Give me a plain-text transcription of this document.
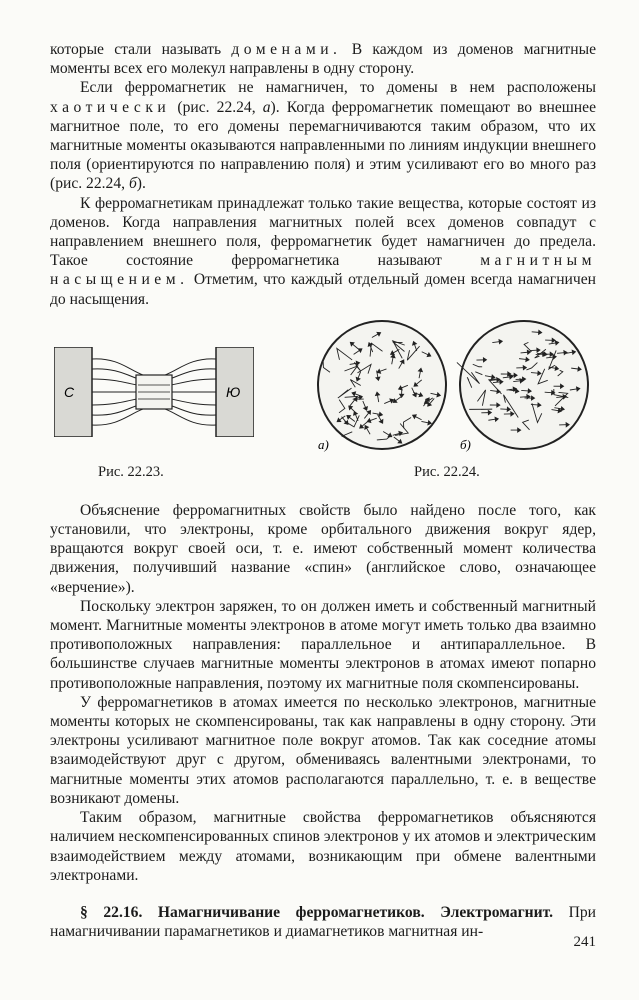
которые стали называть доменами. В каждом из доменов магнитные моменты всех его молекул направлены в одну сторону.

Если ферромагнетик не намагничен, то домены в нем расположены хаотически (рис. 22.24, а). Когда ферромагнетик помещают во внешнее магнитное поле, то его домены перемагничиваются таким образом, что их магнитные моменты оказываются направленными по линиям индукции внешнего поля (ориентируются по направлению поля) и этим усиливают его во много раз (рис. 22.24, б).

К ферромагнетикам принадлежат только такие вещества, которые состоят из доменов. Когда направления магнитных полей всех доменов совпадут с направлением внешнего поля, ферромагнетик будет намагничен до предела. Такое состояние ферромагнетика называют магнитным насыщением. Отметим, что каждый отдельный домен всегда намагничен до насыщения.

С	Ю
а)	б)
Рис. 22.23.	Рис. 22.24.

Объяснение ферромагнитных свойств было найдено после того, как установили, что электроны, кроме орбитального движения вокруг ядер, вращаются вокруг своей оси, т. е. имеют собственный момент количества движения, получивший название «спин» (английское слово, означающее «верчение»).

Поскольку электрон заряжен, то он должен иметь и собственный магнитный момент. Магнитные моменты электронов в атоме могут иметь только два взаимно противоположных направления: параллельное и антипараллельное. В большинстве случаев магнитные моменты электронов в атомах имеют попарно противоположные направления, поэтому их магнитные поля скомпенсированы.

У ферромагнетиков в атомах имеется по несколько электронов, магнитные моменты которых не скомпенсированы, так как направлены в одну сторону. Эти электроны усиливают магнитное поле вокруг атомов. Так как соседние атомы взаимодействуют друг с другом, обмениваясь валентными электронами, то магнитные моменты этих атомов располагаются параллельно, т. е. в веществе возникают домены.

Таким образом, магнитные свойства ферромагнетиков объясняются наличием нескомпенсированных спинов электронов у их атомов и электрическим взаимодействием между атомами, возникающим при обмене валентными электронами.

§ 22.16. Намагничивание ферромагнетиков. Электромагнит. При намагничивании парамагнетиков и диамагнетиков магнитная ин-

241
